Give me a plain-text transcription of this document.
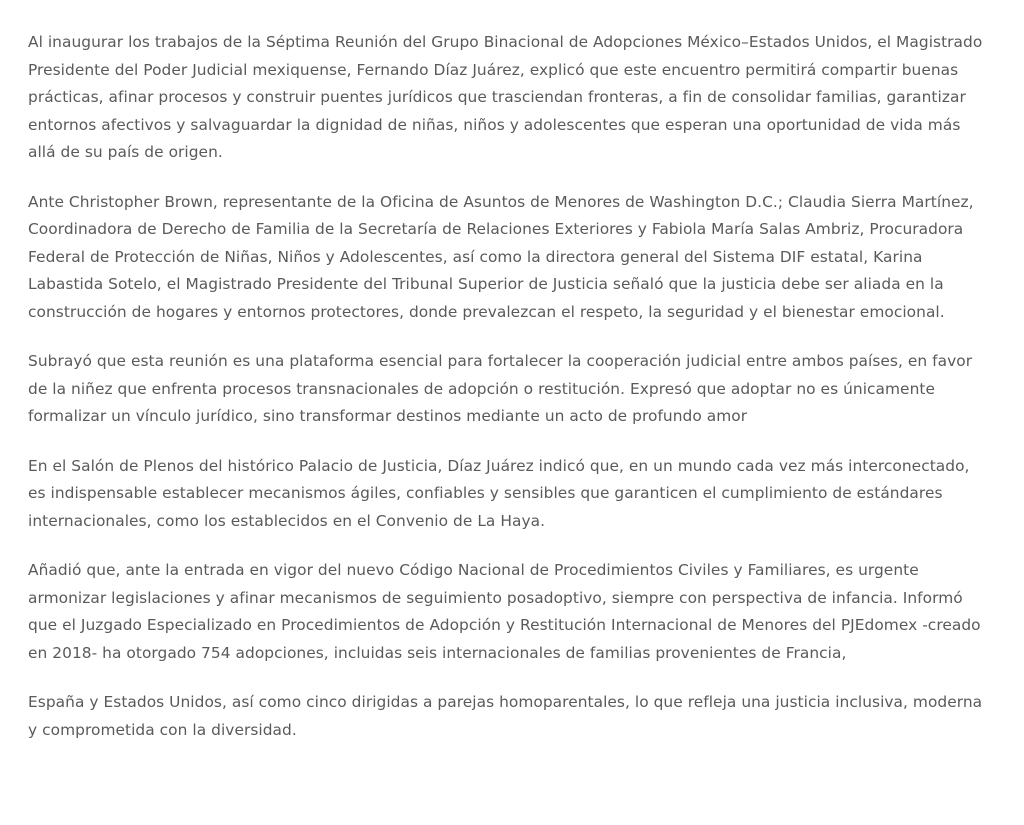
Al inaugurar los trabajos de la Séptima Reunión del Grupo Binacional de Adopciones México–Estados Unidos, el Magistrado Presidente del Poder Judicial mexiquense, Fernando Díaz Juárez, explicó que este encuentro permitirá compartir buenas prácticas, afinar procesos y construir puentes jurídicos que trasciendan fronteras, a fin de consolidar familias, garantizar entornos afectivos y salvaguardar la dignidad de niñas, niños y adolescentes que esperan una oportunidad de vida más allá de su país de origen.

Ante Christopher Brown, representante de la Oficina de Asuntos de Menores de Washington D.C.; Claudia Sierra Martínez, Coordinadora de Derecho de Familia de la Secretaría de Relaciones Exteriores y Fabiola María Salas Ambriz, Procuradora Federal de Protección de Niñas, Niños y Adolescentes, así como la directora general del Sistema DIF estatal, Karina Labastida Sotelo, el Magistrado Presidente del Tribunal Superior de Justicia señaló que la justicia debe ser aliada en la construcción de hogares y entornos protectores, donde prevalezcan el respeto, la seguridad y el bienestar emocional.

Subrayó que esta reunión es una plataforma esencial para fortalecer la cooperación judicial entre ambos países, en favor de la niñez que enfrenta procesos transnacionales de adopción o restitución. Expresó que adoptar no es únicamente formalizar un vínculo jurídico, sino transformar destinos mediante un acto de profundo amor

En el Salón de Plenos del histórico Palacio de Justicia, Díaz Juárez indicó que, en un mundo cada vez más interconectado, es indispensable establecer mecanismos ágiles, confiables y sensibles que garanticen el cumplimiento de estándares internacionales, como los establecidos en el Convenio de La Haya.

Añadió que, ante la entrada en vigor del nuevo Código Nacional de Procedimientos Civiles y Familiares, es urgente armonizar legislaciones y afinar mecanismos de seguimiento posadoptivo, siempre con perspectiva de infancia. Informó que el Juzgado Especializado en Procedimientos de Adopción y Restitución Internacional de Menores del PJEdomex -creado en 2018- ha otorgado 754 adopciones, incluidas seis internacionales de familias provenientes de Francia,

España y Estados Unidos, así como cinco dirigidas a parejas homoparentales, lo que refleja una justicia inclusiva, moderna y comprometida con la diversidad.
